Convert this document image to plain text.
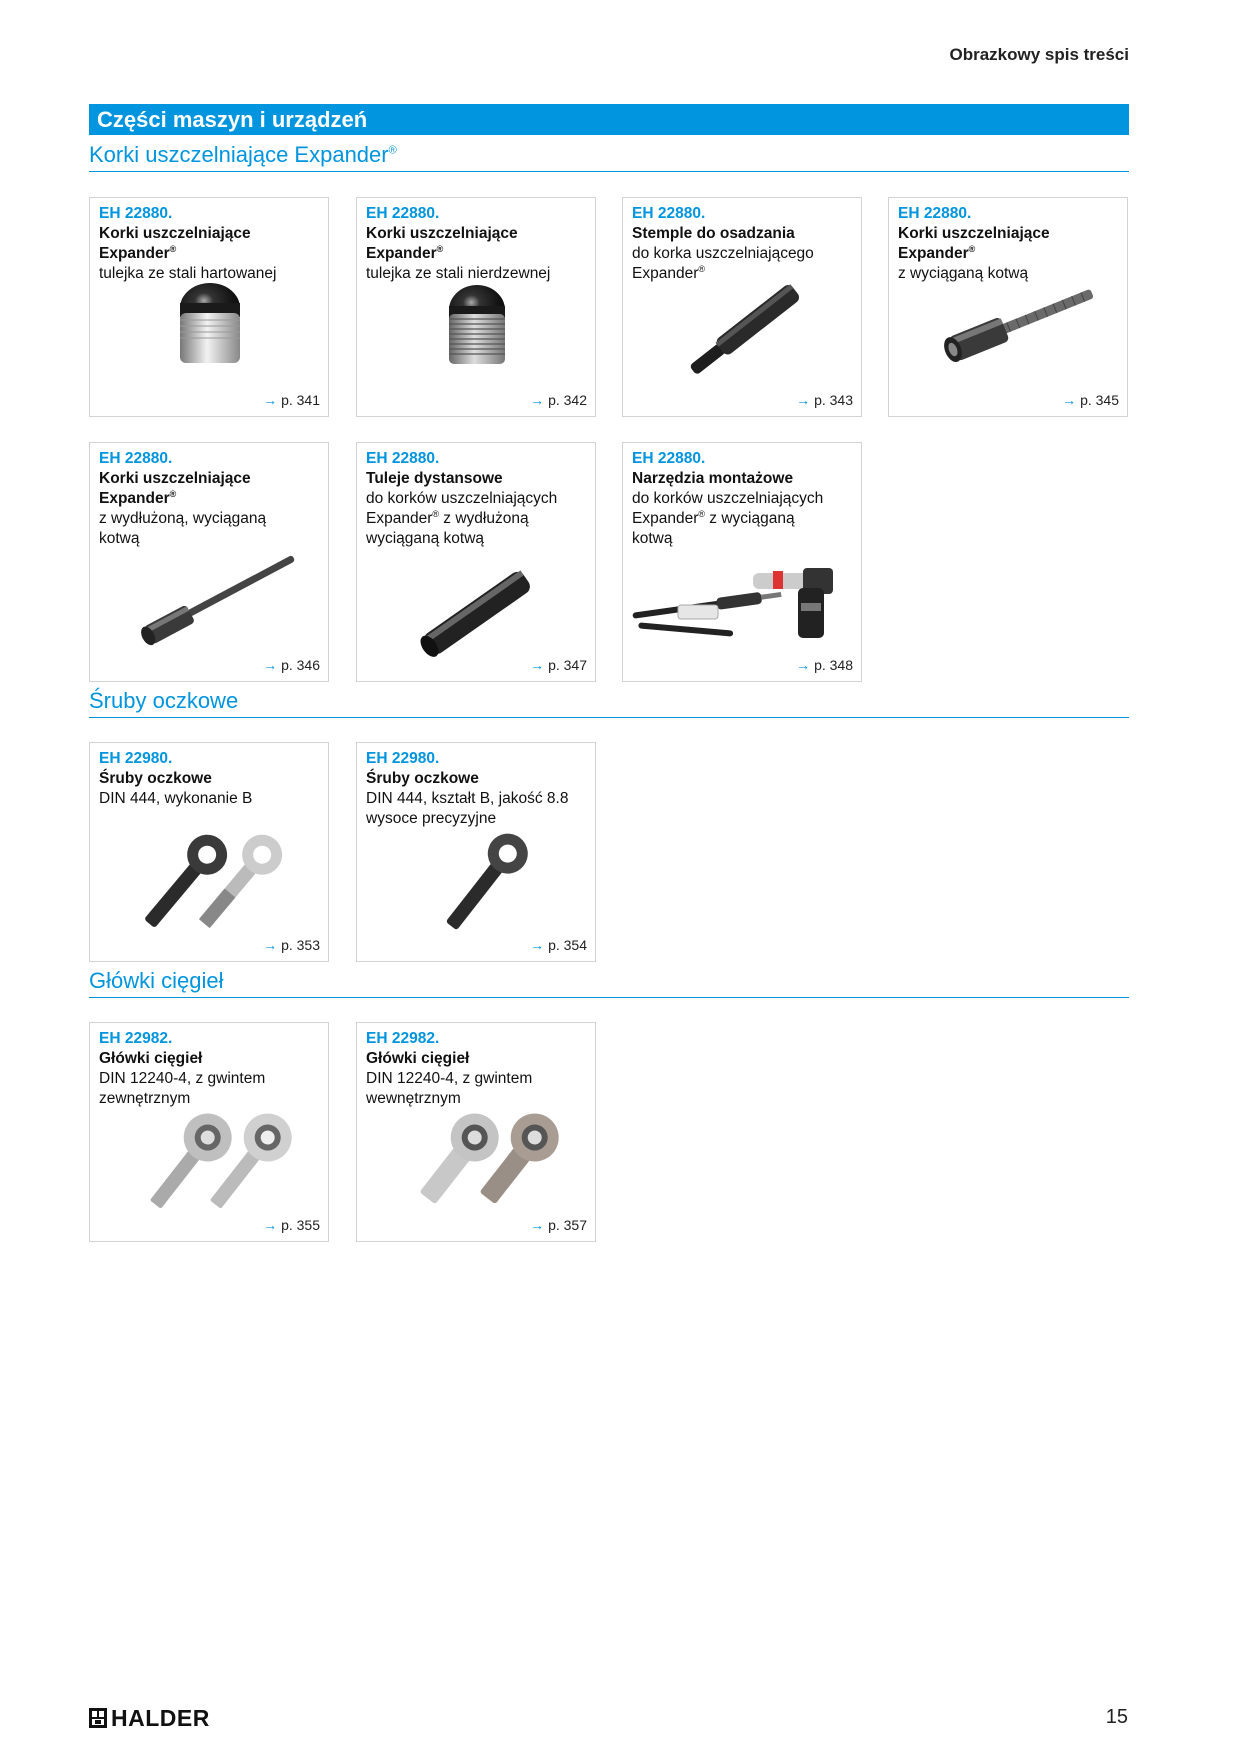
Obrazkowy spis treści
Części maszyn i urządzeń
Korki uszczelniające Expander®
EH 22880.
Korki uszczelniające
Expander®
tulejka ze stali hartowanej
→ p. 341
EH 22880.
Korki uszczelniające
Expander®
tulejka ze stali nierdzewnej
→ p. 342
EH 22880.
Stemple do osadzania
do korka uszczelniającego
Expander®
→ p. 343
EH 22880.
Korki uszczelniające
Expander®
z wyciąganą kotwą
→ p. 345
EH 22880.
Korki uszczelniające
Expander®
z wydłużoną, wyciąganą
kotwą
→ p. 346
EH 22880.
Tuleje dystansowe
do korków uszczelniających
Expander® z wydłużoną
wyciąganą kotwą
→ p. 347
EH 22880.
Narzędzia montażowe
do korków uszczelniających
Expander® z wyciąganą
kotwą
→ p. 348
Śruby oczkowe
EH 22980.
Śruby oczkowe
DIN 444, wykonanie B
→ p. 353
EH 22980.
Śruby oczkowe
DIN 444, kształt B, jakość 8.8
wysoce precyzyjne
→ p. 354
Główki cięgieł
EH 22982.
Główki cięgieł
DIN 12240-4, z gwintem
zewnętrznym
→ p. 355
EH 22982.
Główki cięgieł
DIN 12240-4, z gwintem
wewnętrznym
→ p. 357
HALDER	15
